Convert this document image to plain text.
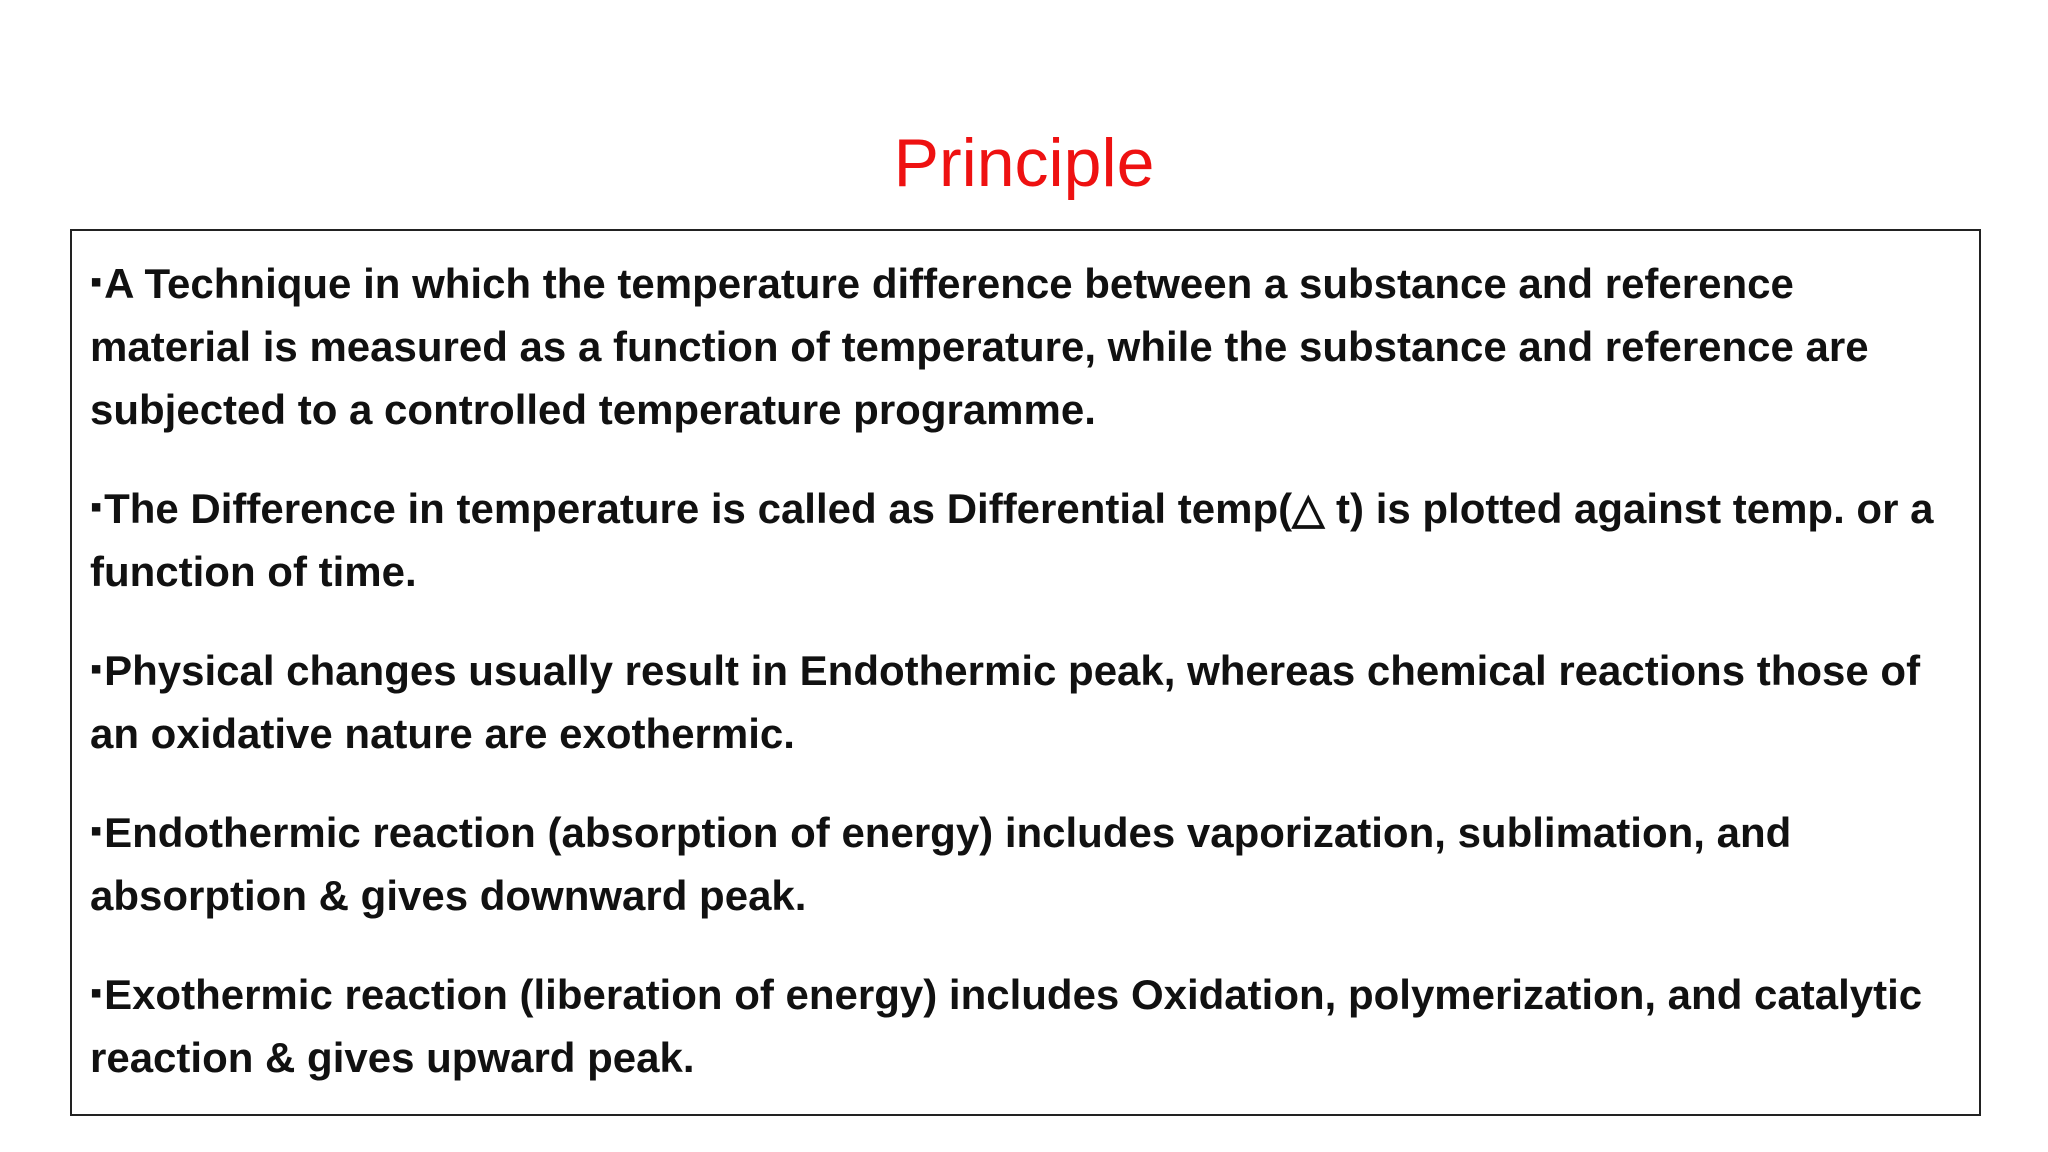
Principle

▪A Technique in which the temperature difference between a substance and reference material is measured as a function of temperature, while the substance and reference are subjected to a controlled temperature programme.

▪The Difference in temperature is called as Differential temp(△ t) is plotted against temp. or a function of time.

▪Physical changes usually result in Endothermic peak, whereas chemical reactions those of an oxidative nature are exothermic.

▪Endothermic reaction (absorption of energy) includes vaporization, sublimation, and absorption & gives downward peak.

▪Exothermic reaction (liberation of energy) includes Oxidation, polymerization, and catalytic reaction & gives upward peak.
